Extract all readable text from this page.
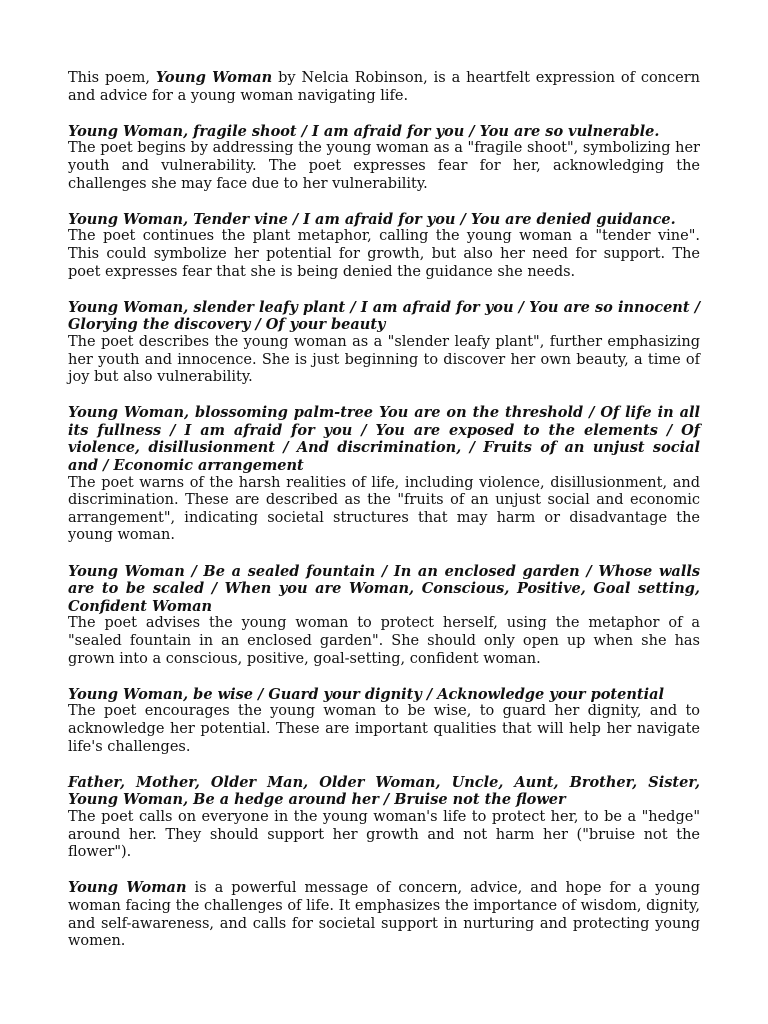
This poem, Young Woman by Nelcia Robinson, is a heartfelt expression of concern and advice for a young woman navigating life.

Young Woman, fragile shoot / I am afraid for you / You are so vulnerable.

The poet begins by addressing the young woman as a "fragile shoot", symbolizing her youth and vulnerability. The poet expresses fear for her, acknowledging the challenges she may face due to her vulnerability.

Young Woman, Tender vine / I am afraid for you / You are denied guidance.

The poet continues the plant metaphor, calling the young woman a "tender vine". This could symbolize her potential for growth, but also her need for support. The poet expresses fear that she is being denied the guidance she needs.

Young Woman, slender leafy plant / I am afraid for you / You are so innocent / Glorying the discovery / Of your beauty

The poet describes the young woman as a "slender leafy plant", further emphasizing her youth and innocence. She is just beginning to discover her own beauty, a time of joy but also vulnerability.

Young Woman, blossoming palm-tree You are on the threshold / Of life in all its fullness / I am afraid for you / You are exposed to the elements / Of violence, disillusionment / And discrimination, / Fruits of an unjust social and / Economic arrangement

The poet warns of the harsh realities of life, including violence, disillusionment, and discrimination. These are described as the "fruits of an unjust social and economic arrangement", indicating societal structures that may harm or disadvantage the young woman.

Young Woman / Be a sealed fountain / In an enclosed garden / Whose walls are to be scaled / When you are Woman, Conscious, Positive, Goal setting, Confident Woman

The poet advises the young woman to protect herself, using the metaphor of a "sealed fountain in an enclosed garden". She should only open up when she has grown into a conscious, positive, goal-setting, confident woman.

Young Woman, be wise / Guard your dignity / Acknowledge your potential

The poet encourages the young woman to be wise, to guard her dignity, and to acknowledge her potential. These are important qualities that will help her navigate life's challenges.

Father, Mother, Older Man, Older Woman, Uncle, Aunt, Brother, Sister, Young Woman, Be a hedge around her / Bruise not the flower

The poet calls on everyone in the young woman's life to protect her, to be a "hedge" around her. They should support her growth and not harm her ("bruise not the flower").

Young Woman is a powerful message of concern, advice, and hope for a young woman facing the challenges of life. It emphasizes the importance of wisdom, dignity, and self-awareness, and calls for societal support in nurturing and protecting young women.
